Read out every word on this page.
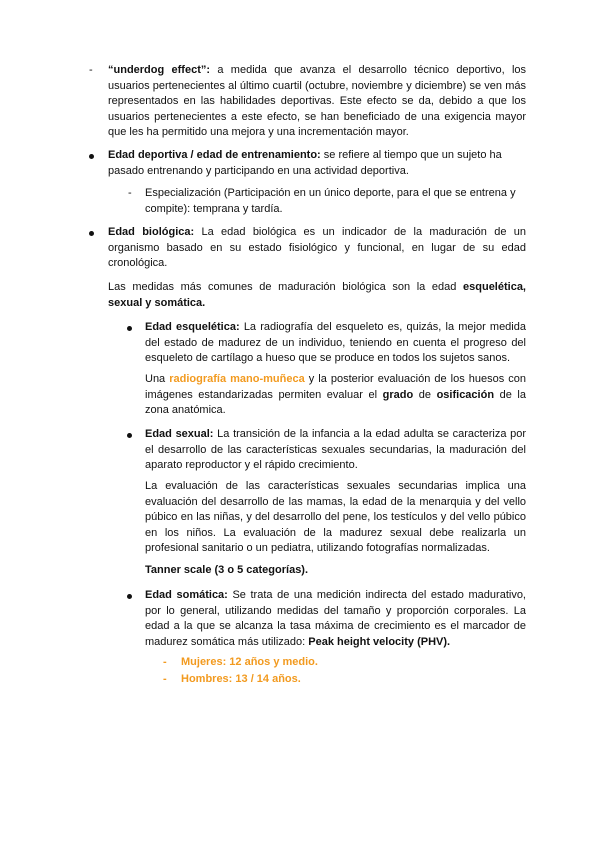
- “underdog effect”: a medida que avanza el desarrollo técnico deportivo, los usuarios pertenecientes al último cuartil (octubre, noviembre y diciembre) se ven más representados en las habilidades deportivas. Este efecto se da, debido a que los usuarios pertenecientes a este efecto, se han beneficiado de una exigencia mayor que les ha permitido una mejora y una incrementación mayor.
Edad deportiva / edad de entrenamiento: se refiere al tiempo que un sujeto ha pasado entrenando y participando en una actividad deportiva.
- Especialización (Participación en un único deporte, para el que se entrena y compite): temprana y tardía.
Edad biológica: La edad biológica es un indicador de la maduración de un organismo basado en su estado fisiológico y funcional, en lugar de su edad cronológica.
Las medidas más comunes de maduración biológica son la edad esquelética, sexual y somática.
Edad esquelética: La radiografía del esqueleto es, quizás, la mejor medida del estado de madurez de un individuo, teniendo en cuenta el progreso del esqueleto de cartílago a hueso que se produce en todos los sujetos sanos.
Una radiografía mano-muñeca y la posterior evaluación de los huesos con imágenes estandarizadas permiten evaluar el grado de osificación de la zona anatómica.
Edad sexual: La transición de la infancia a la edad adulta se caracteriza por el desarrollo de las características sexuales secundarias, la maduración del aparato reproductor y el rápido crecimiento.
La evaluación de las características sexuales secundarias implica una evaluación del desarrollo de las mamas, la edad de la menarquia y del vello púbico en las niñas, y del desarrollo del pene, los testículos y del vello púbico en los niños. La evaluación de la madurez sexual debe realizarla un profesional sanitario o un pediatra, utilizando fotografías normalizadas.
Tanner scale (3 o 5 categorías).
Edad somática: Se trata de una medición indirecta del estado madurativo, por lo general, utilizando medidas del tamaño y proporción corporales. La edad a la que se alcanza la tasa máxima de crecimiento es el marcador de madurez somática más utilizado: Peak height velocity (PHV).
- Mujeres: 12 años y medio.
- Hombres: 13 / 14 años.
